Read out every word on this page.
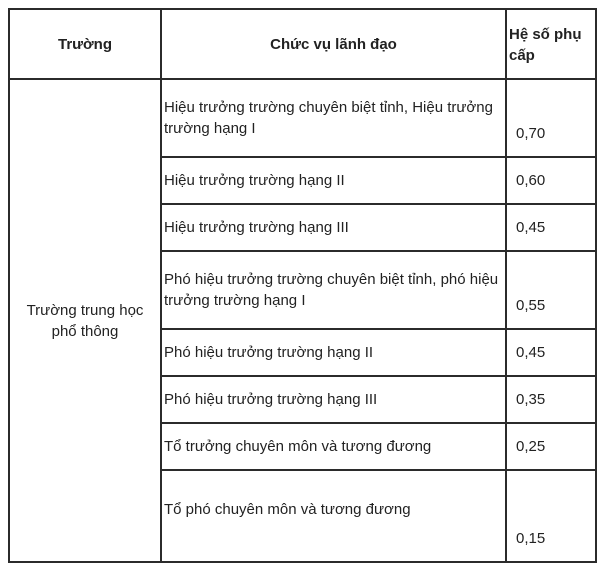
Trường	Chức vụ lãnh đạo	Hệ số phụ cấp
Trường trung học phổ thông	Hiệu trưởng trường chuyên biệt tỉnh, Hiệu trưởng trường hạng I	0,70
	Hiệu trưởng trường hạng II	0,60
	Hiệu trưởng trường hạng III	0,45
	Phó hiệu trưởng trường chuyên biệt tỉnh, phó hiệu trưởng trường hạng I	0,55
	Phó hiệu trưởng trường hạng II	0,45
	Phó hiệu trưởng trường hạng III	0,35
	Tổ trưởng chuyên môn và tương đương	0,25
	Tổ phó chuyên môn và tương đương	0,15
